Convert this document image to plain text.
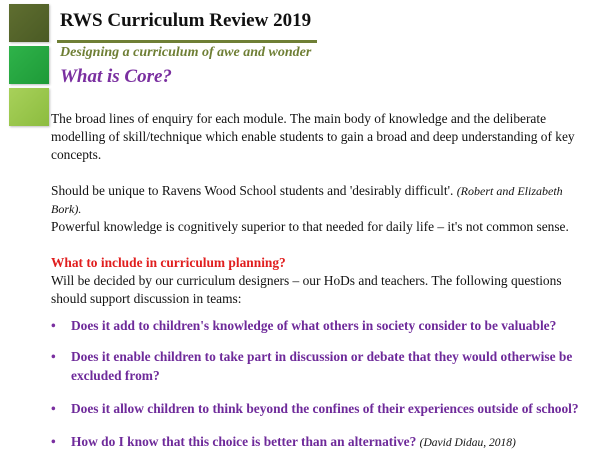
RWS Curriculum Review 2019
Designing a curriculum of awe and wonder
What is Core?

The broad lines of enquiry for each module. The main body of knowledge and the deliberate modelling of skill/technique which enable students to gain a broad and deep understanding of key concepts.

Should be unique to Ravens Wood School students and 'desirably difficult'. (Robert and Elizabeth Bork).

Powerful knowledge is cognitively superior to that needed for daily life – it's not common sense.

What to include in curriculum planning?

Will be decided by our curriculum designers – our HoDs and teachers. The following questions should support discussion in teams:

• Does it add to children's knowledge of what others in society consider to be valuable?
• Does it enable children to take part in discussion or debate that they would otherwise be excluded from?
• Does it allow children to think beyond the confines of their experiences outside of school?
• How do I know that this choice is better than an alternative? (David Didau, 2018)
